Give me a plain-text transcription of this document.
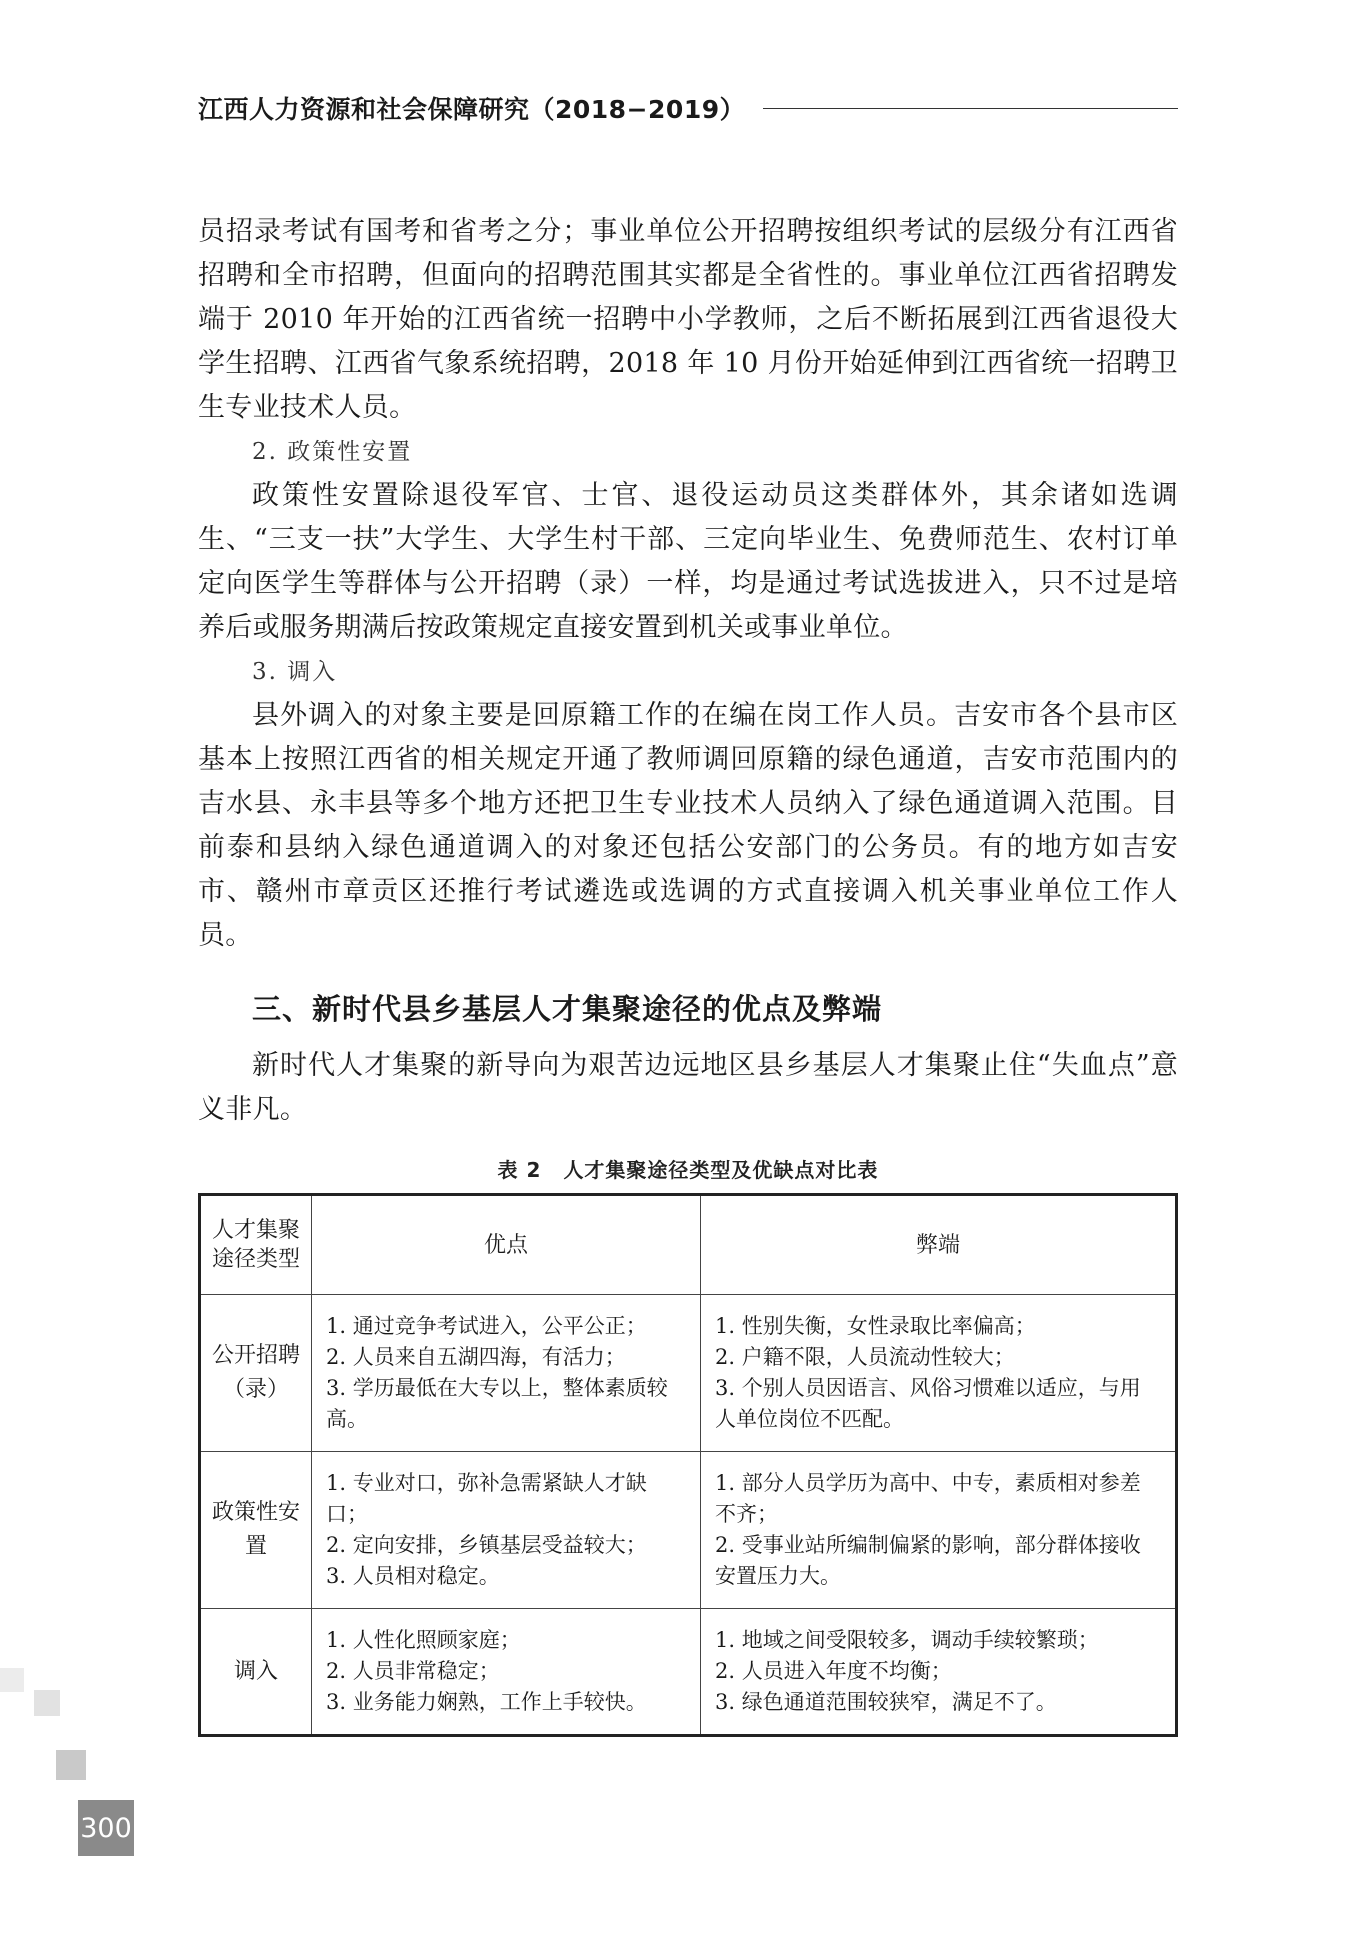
江西人力资源和社会保障研究（2018−2019）

员招录考试有国考和省考之分；事业单位公开招聘按组织考试的层级分有江西省招聘和全市招聘，但面向的招聘范围其实都是全省性的。事业单位江西省招聘发端于 2010 年开始的江西省统一招聘中小学教师，之后不断拓展到江西省退役大学生招聘、江西省气象系统招聘，2018 年 10 月份开始延伸到江西省统一招聘卫生专业技术人员。

2. 政策性安置

政策性安置除退役军官、士官、退役运动员这类群体外，其余诸如选调生、“三支一扶”大学生、大学生村干部、三定向毕业生、免费师范生、农村订单定向医学生等群体与公开招聘（录）一样，均是通过考试选拔进入，只不过是培养后或服务期满后按政策规定直接安置到机关或事业单位。

3. 调入

县外调入的对象主要是回原籍工作的在编在岗工作人员。吉安市各个县市区基本上按照江西省的相关规定开通了教师调回原籍的绿色通道，吉安市范围内的吉水县、永丰县等多个地方还把卫生专业技术人员纳入了绿色通道调入范围。目前泰和县纳入绿色通道调入的对象还包括公安部门的公务员。有的地方如吉安市、赣州市章贡区还推行考试遴选或选调的方式直接调入机关事业单位工作人员。

三、新时代县乡基层人才集聚途径的优点及弊端

新时代人才集聚的新导向为艰苦边远地区县乡基层人才集聚止住“失血点”意义非凡。

表 2 人才集聚途径类型及优缺点对比表
人才集聚途径类型	优点	弊端
公开招聘（录）	1. 通过竞争考试进入，公平公正；
2. 人员来自五湖四海，有活力；
3. 学历最低在大专以上，整体素质较高。	1. 性别失衡，女性录取比率偏高；
2. 户籍不限，人员流动性较大；
3. 个别人员因语言、风俗习惯难以适应，与用人单位岗位不匹配。

政策性安置	1. 专业对口，弥补急需紧缺人才缺口；
2. 定向安排，乡镇基层受益较大；
3. 人员相对稳定。	1. 部分人员学历为高中、中专，素质相对参差不齐；
2. 受事业站所编制偏紧的影响，部分群体接收安置压力大。

调入	1. 人性化照顾家庭；
2. 人员非常稳定；
3. 业务能力娴熟，工作上手较快。	1. 地域之间受限较多，调动手续较繁琐；
2. 人员进入年度不均衡；
3. 绿色通道范围较狭窄，满足不了。
300
